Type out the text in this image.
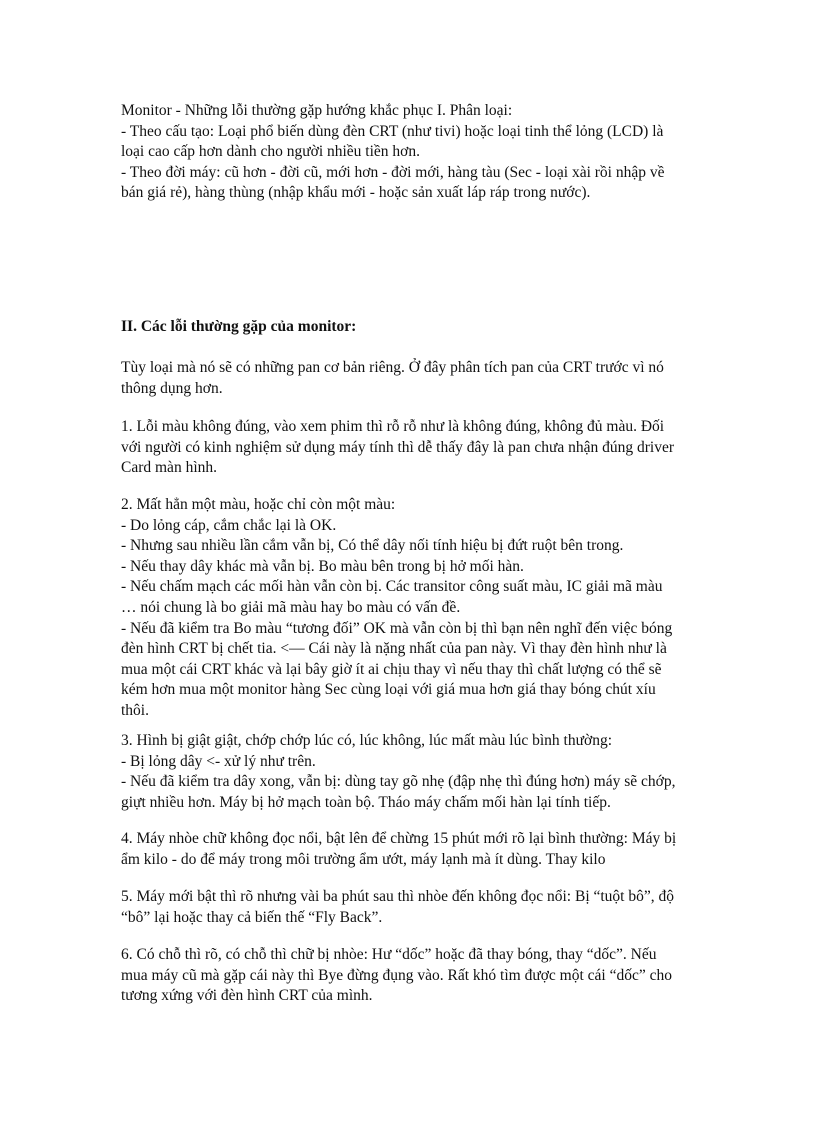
Monitor - Những lỗi thường gặp hướng khắc phục I. Phân loại:
- Theo cấu tạo: Loại phổ biến dùng đèn CRT (như tivi) hoặc loại tinh thể lỏng (LCD) là
loại cao cấp hơn dành cho người nhiều tiền hơn.
- Theo đời máy: cũ hơn - đời cũ, mới hơn - đời mới, hàng tàu (Sec - loại xài rồi nhập về
bán giá rẻ), hàng thùng (nhập khẩu mới - hoặc sản xuất láp ráp trong nước).
II. Các lỗi thường gặp của monitor:
Tùy loại mà nó sẽ có những pan cơ bản riêng. Ở đây phân tích pan của CRT trước vì nó
thông dụng hơn.
1. Lỗi màu không đúng, vào xem phim thì rỗ rỗ như là không đúng, không đủ màu. Đối
với người có kinh nghiệm sử dụng máy tính thì dễ thấy đây là pan chưa nhận đúng driver
Card màn hình.
2. Mất hẳn một màu, hoặc chỉ còn một màu:
- Do lỏng cáp, cắm chắc lại là OK.
- Nhưng sau nhiều lần cắm vẫn bị, Có thể dây nối tính hiệu bị đứt ruột bên trong.
- Nếu thay dây khác mà vẫn bị. Bo màu bên trong bị hở mối hàn.
- Nếu chấm mạch các mối hàn vẫn còn bị. Các transitor công suất màu, IC giải mã màu
… nói chung là bo giải mã màu hay bo màu có vấn đề.
- Nếu đã kiểm tra Bo màu “tương đối” OK mà vẫn còn bị thì bạn nên nghĩ đến việc bóng
đèn hình CRT bị chết tia. <— Cái này là nặng nhất của pan này. Vì thay đèn hình như là
mua một cái CRT khác và lại bây giờ ít ai chịu thay vì nếu thay thì chất lượng có thể sẽ
kém hơn mua một monitor hàng Sec cùng loại với giá mua hơn giá thay bóng chút xíu
thôi.
3. Hình bị giật giật, chớp chớp lúc có, lúc không, lúc mất màu lúc bình thường:
- Bị lỏng dây <- xử lý như trên.
- Nếu đã kiểm tra dây xong, vẫn bị: dùng tay gõ nhẹ (đập nhẹ thì đúng hơn) máy sẽ chớp,
giựt nhiều hơn. Máy bị hở mạch toàn bộ. Tháo máy chấm mối hàn lại tính tiếp.
4. Máy nhòe chữ không đọc nổi, bật lên để chừng 15 phút mới rõ lại bình thường: Máy bị
ẩm kilo - do để máy trong môi trường ẩm ướt, máy lạnh mà ít dùng. Thay kilo
5. Máy mới bật thì rõ nhưng vài ba phút sau thì nhòe đến không đọc nổi: Bị “tuột bô”, độ
“bô” lại hoặc thay cả biến thế “Fly Back”.
6. Có chỗ thì rõ, có chỗ thì chữ bị nhòe: Hư “dốc” hoặc đã thay bóng, thay “dốc”. Nếu
mua máy cũ mà gặp cái này thì Bye đừng đụng vào. Rất khó tìm được một cái “dốc” cho
tương xứng với đèn hình CRT của mình.
